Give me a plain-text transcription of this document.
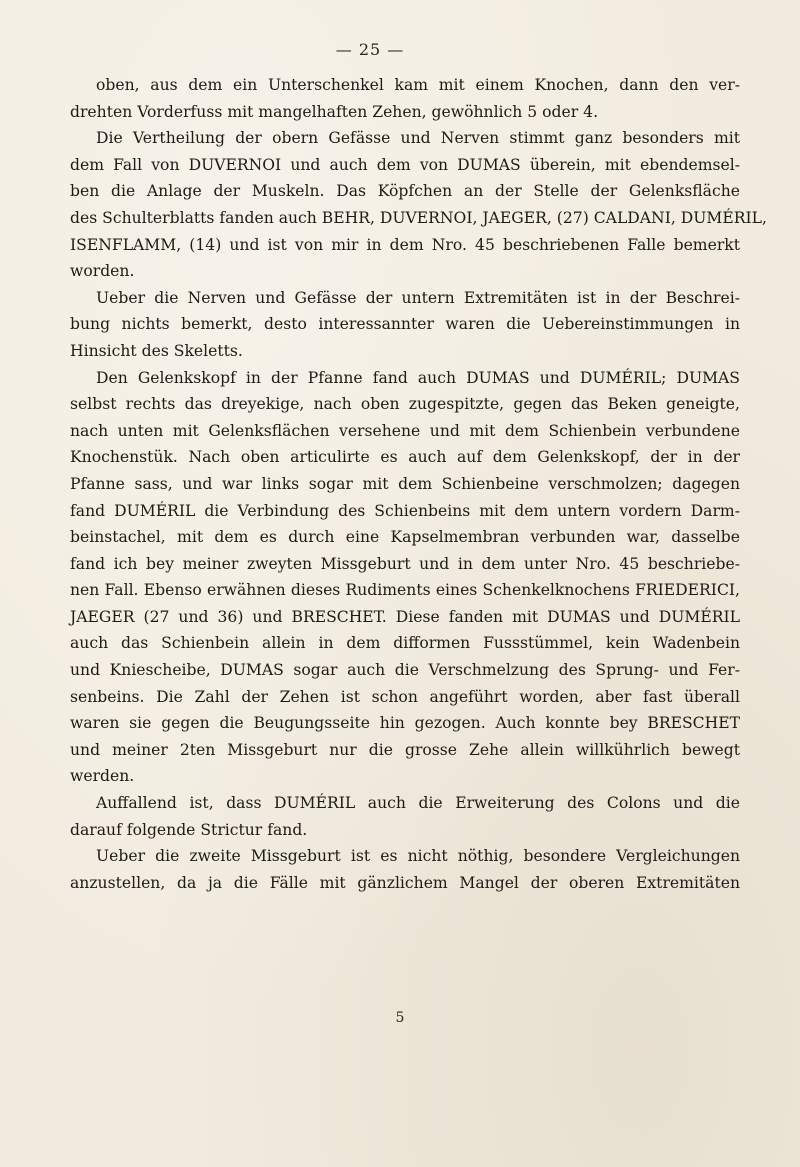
— 25 —
oben, aus dem ein Unterschenkel kam mit einem Knochen, dann den ver-
drehten Vorderfuss mit mangelhaften Zehen, gewöhnlich 5 oder 4.
Die Vertheilung der obern Gefässe und Nerven stimmt ganz besonders mit
dem Fall von DUVERNOI und auch dem von DUMAS überein, mit ebendemsel-
ben die Anlage der Muskeln. Das Köpfchen an der Stelle der Gelenksfläche
des Schulterblatts fanden auch BEHR, DUVERNOI, JAEGER, (27) CALDANI, DUMÉRIL,
ISENFLAMM, (14) und ist von mir in dem Nro. 45 beschriebenen Falle bemerkt
worden.
Ueber die Nerven und Gefässe der untern Extremitäten ist in der Beschrei-
bung nichts bemerkt, desto interessannter waren die Uebereinstimmungen in
Hinsicht des Skeletts.
Den Gelenkskopf in der Pfanne fand auch DUMAS und DUMÉRIL; DUMAS
selbst rechts das dreyekige, nach oben zugespitzte, gegen das Beken geneigte,
nach unten mit Gelenksflächen versehene und mit dem Schienbein verbundene
Knochenstük. Nach oben articulirte es auch auf dem Gelenkskopf, der in der
Pfanne sass, und war links sogar mit dem Schienbeine verschmolzen; dagegen
fand DUMÉRIL die Verbindung des Schienbeins mit dem untern vordern Darm-
beinstachel, mit dem es durch eine Kapselmembran verbunden war, dasselbe
fand ich bey meiner zweyten Missgeburt und in dem unter Nro. 45 beschriebe-
nen Fall. Ebenso erwähnen dieses Rudiments eines Schenkelknochens FRIEDERICI,
JAEGER (27 und 36) und BRESCHET. Diese fanden mit DUMAS und DUMÉRIL
auch das Schienbein allein in dem difformen Fussstümmel, kein Wadenbein
und Kniescheibe, DUMAS sogar auch die Verschmelzung des Sprung- und Fer-
senbeins. Die Zahl der Zehen ist schon angeführt worden, aber fast überall
waren sie gegen die Beugungsseite hin gezogen. Auch konnte bey BRESCHET
und meiner 2ten Missgeburt nur die grosse Zehe allein willkührlich bewegt
werden.
Auffallend ist, dass DUMÉRIL auch die Erweiterung des Colons und die
darauf folgende Strictur fand.
Ueber die zweite Missgeburt ist es nicht nöthig, besondere Vergleichungen
anzustellen, da ja die Fälle mit gänzlichem Mangel der oberen Extremitäten
5
